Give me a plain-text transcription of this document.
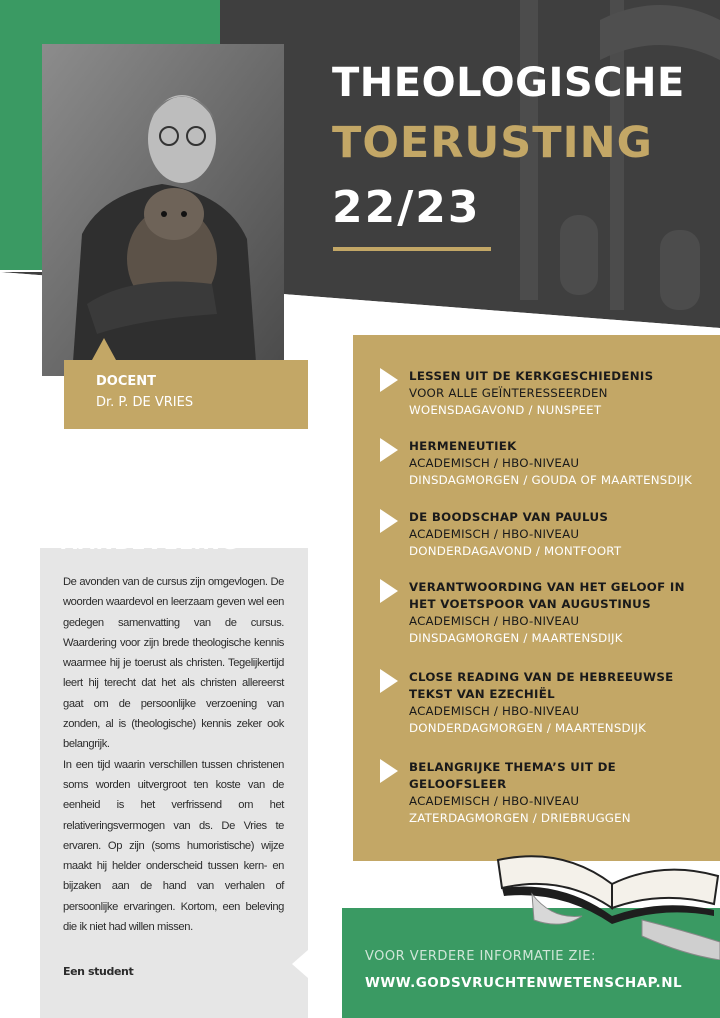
THEOLOGISCHE
TOERUSTING
22/23
DOCENT
Dr. P. DE VRIES
AANBEVELING

De avonden van de cursus zijn omgevlogen. De woorden waardevol en leerzaam geven wel een gedegen samenvatting van de cursus. Waardering voor zijn brede theologische kennis waarmee hij je toerust als christen. Tegelijkertijd leert hij terecht dat het als christen allereerst gaat om de persoonlijke verzoening van zonden, al is (theologische) kennis zeker ook belangrijk.

In een tijd waarin verschillen tussen christenen soms worden uitvergroot ten koste van de eenheid is het verfrissend om het relativeringsvermogen van ds. De Vries te ervaren. Op zijn (soms humoristische) wijze maakt hij helder onderscheid tussen kern- en bijzaken aan de hand van verhalen of persoonlijke ervaringen. Kortom, een beleving die ik niet had willen missen.

Een student
LESSEN UIT DE KERKGESCHIEDENIS
VOOR ALLE GEÏNTERESSEERDEN
WOENSDAGAVOND / NUNSPEET
HERMENEUTIEK
ACADEMISCH / HBO-NIVEAU
DINSDAGMORGEN / GOUDA OF MAARTENSDIJK
DE BOODSCHAP VAN PAULUS
ACADEMISCH / HBO-NIVEAU
DONDERDAGAVOND / MONTFOORT
VERANTWOORDING VAN HET GELOOF IN
HET VOETSPOOR VAN AUGUSTINUS
ACADEMISCH / HBO-NIVEAU
DINSDAGMORGEN / MAARTENSDIJK
CLOSE READING VAN DE HEBREEUWSE
TEKST VAN EZECHIËL
ACADEMISCH / HBO-NIVEAU
DONDERDAGMORGEN / MAARTENSDIJK
BELANGRIJKE THEMA’S UIT DE
GELOOFSLEER
ACADEMISCH / HBO-NIVEAU
ZATERDAGMORGEN / DRIEBRUGGEN
VOOR VERDERE INFORMATIE ZIE:
WWW.GODSVRUCHTENWETENSCHAP.NL
